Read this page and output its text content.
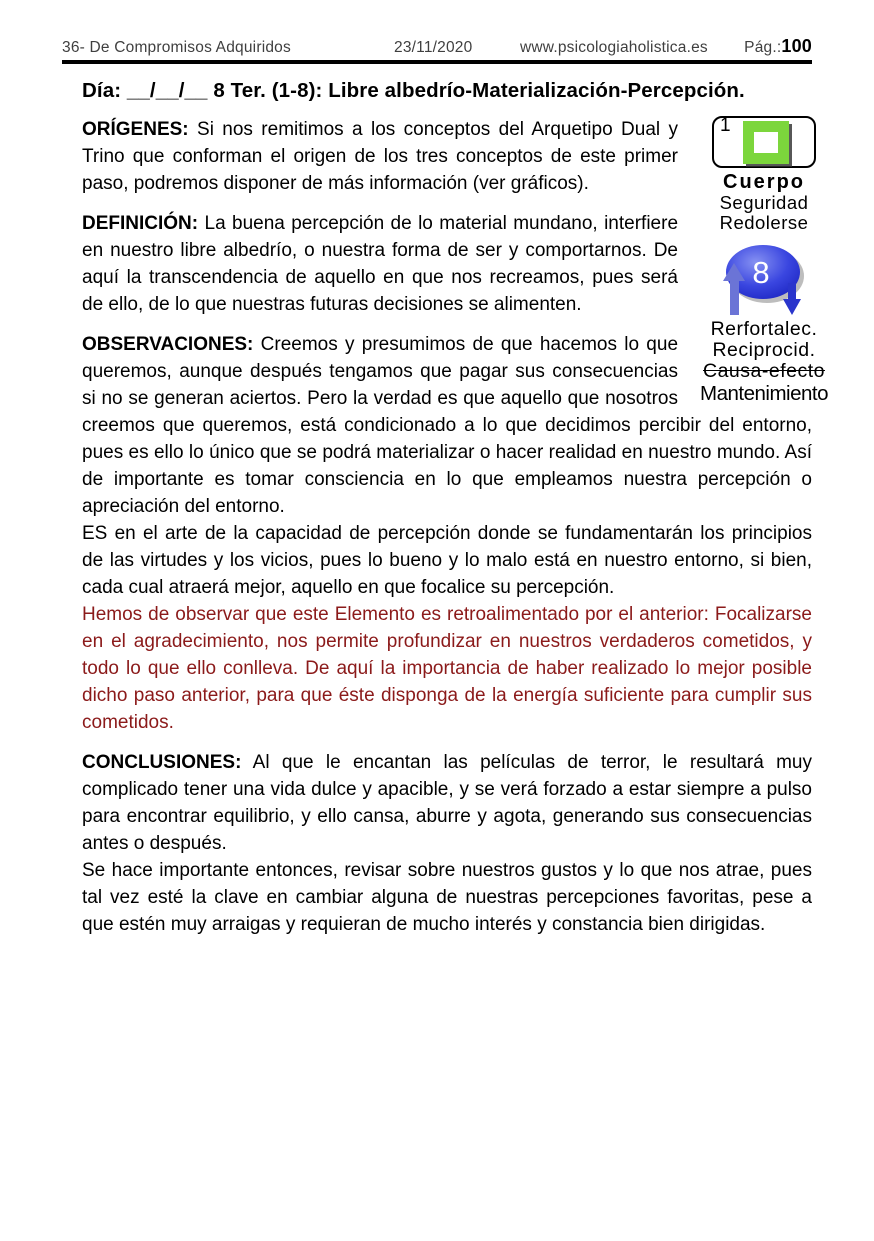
36- De Compromisos Adquiridos	23/11/2020	www.psicologiaholistica.es	Pág.:100
Día: __/__/__ 8 Ter. (1-8): Libre albedrío-Materialización-Percepción.
1
Cuerpo
Seguridad
Redolerse
8
Rerfortalec.
Reciprocid.
Causa-efecto
Mantenimiento

ORÍGENES: Si nos remitimos a los conceptos del Arquetipo Dual y Trino que conforman el origen de los tres conceptos de este primer paso, podremos disponer de más información (ver gráficos).

DEFINICIÓN: La buena percepción de lo material mundano, interfiere en nuestro libre albedrío, o nuestra forma de ser y comportarnos. De aquí la transcendencia de aquello en que nos recreamos, pues será de ello, de lo que nuestras futuras decisiones se alimenten.

OBSERVACIONES: Creemos y presumimos de que hacemos lo que queremos, aunque después tengamos que pagar sus consecuencias si no se generan aciertos. Pero la verdad es que aquello que nosotros creemos que queremos, está condicionado a lo que decidimos percibir del entorno, pues es ello lo único que se podrá materializar o hacer realidad en nuestro mundo. Así de importante es tomar consciencia en lo que empleamos nuestra percepción o apreciación del entorno.

ES en el arte de la capacidad de percepción donde se fundamentarán los principios de las virtudes y los vicios, pues lo bueno y lo malo está en nuestro entorno, si bien, cada cual atraerá mejor, aquello en que focalice su percepción.

Hemos de observar que este Elemento es retroalimentado por el anterior: Focalizarse en el agradecimiento, nos permite profundizar en nuestros verdaderos cometidos, y todo lo que ello conlleva. De aquí la importancia de haber realizado lo mejor posible dicho paso anterior, para que éste disponga de la energía suficiente para cumplir sus cometidos.

CONCLUSIONES: Al que le encantan las películas de terror, le resultará muy complicado tener una vida dulce y apacible, y se verá forzado a estar siempre a pulso para encontrar equilibrio, y ello cansa, aburre y agota, generando sus consecuencias antes o después.

Se hace importante entonces, revisar sobre nuestros gustos y lo que nos atrae, pues tal vez esté la clave en cambiar alguna de nuestras percepciones favoritas, pese a que estén muy arraigas y requieran de mucho interés y constancia bien dirigidas.
